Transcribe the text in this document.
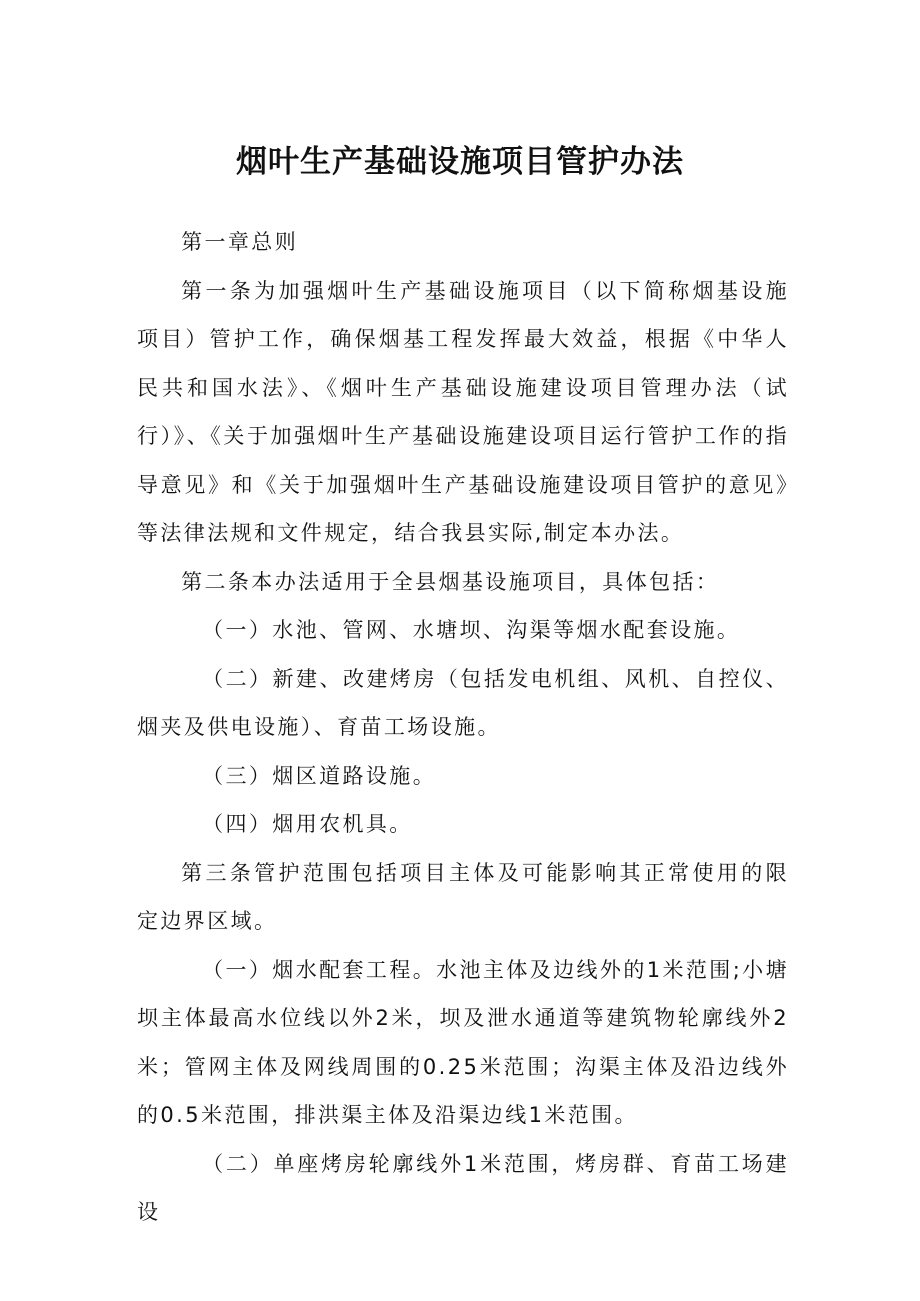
烟叶生产基础设施项目管护办法

第一章总则

第一条为加强烟叶生产基础设施项目（以下简称烟基设施项目）管护工作，确保烟基工程发挥最大效益，根据《中华人民共和国水法》、《烟叶生产基础设施建设项目管理办法（试行）》、《关于加强烟叶生产基础设施建设项目运行管护工作的指导意见》和《关于加强烟叶生产基础设施建设项目管护的意见》等法律法规和文件规定，结合我县实际,制定本办法。

第二条本办法适用于全县烟基设施项目，具体包括：

（一）水池、管网、水塘坝、沟渠等烟水配套设施。

（二）新建、改建烤房（包括发电机组、风机、自控仪、烟夹及供电设施）、育苗工场设施。

（三）烟区道路设施。

（四）烟用农机具。

第三条管护范围包括项目主体及可能影响其正常使用的限定边界区域。

（一）烟水配套工程。水池主体及边线外的1米范围;小塘坝主体最高水位线以外2米，坝及泄水通道等建筑物轮廓线外2米；管网主体及网线周围的0.25米范围；沟渠主体及沿边线外的0.5米范围，排洪渠主体及沿渠边线1米范围。

（二）单座烤房轮廓线外1米范围，烤房群、育苗工场建设
